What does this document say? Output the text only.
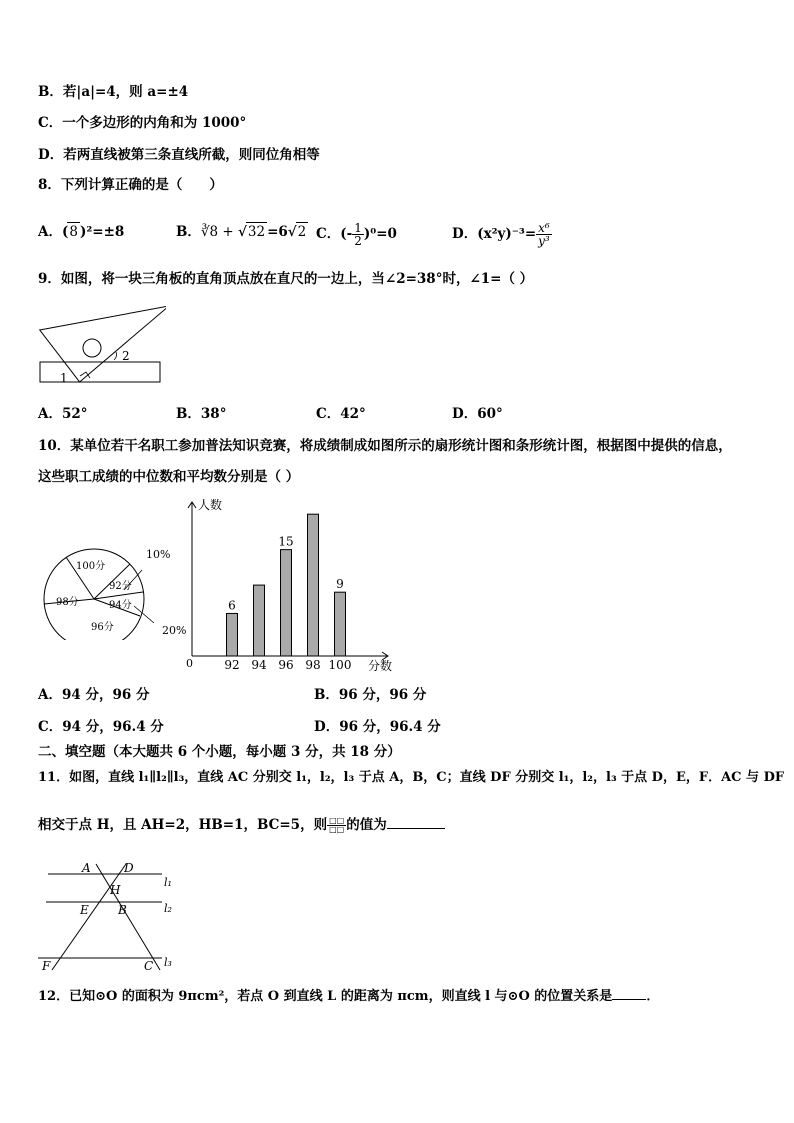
B．若|a|=4，则 a=±4
C．一个多边形的内角和为 1000°
D．若两直线被第三条直线所截，则同位角相等
8．下列计算正确的是（　　）
A．(8 )²=±8	B．∛8 + √32 =6√2 C．(- $\frac{1}{2} )^0=0$	D．$(x^2y)^{-3}= \frac{\text{x⁶}}{\text{y³}}$
9．如图，将一块三角板的直角顶点放在直尺的一边上，当∠2=38°时，∠1=（ ）
1
2
A．52°	B．38°	C．42°	D．60°
10．某单位若干名职工参加普法知识竞赛，将成绩制成如图所示的扇形统计图和条形统计图，根据图中提供的信息，
这些职工成绩的中位数和平均数分别是（ ）
100分
92分
94分
96分
98分
10%
20%
人数
分数
0	92
6
94 96
15
98 100
9
A．94 分，96 分	B．96 分，96 分
C．94 分，96.4 分	D．96 分，96.4 分
二、填空题（本大题共 6 个小题，每小题 3 分，共 18 分）
11．如图，直线 l₁∥l₂∥l₃，直线 AC 分别交 l₁，l₂，l₃ 于点 A，B，C；直线 DF 分别交 l₁，l₂，l₃ 于点 D，E，F．AC 与 DF
相交于点 H，且 AH=2，HB=1，BC=5，则 $\frac{□□}{□□}$ 的值为
A	D
H
E B
F	C
l₁
l₂
l₃
12．已知⊙O 的面积为 9πcm²，若点 O 到直线 L 的距离为 πcm，则直线 l 与⊙O 的位置关系是	．
